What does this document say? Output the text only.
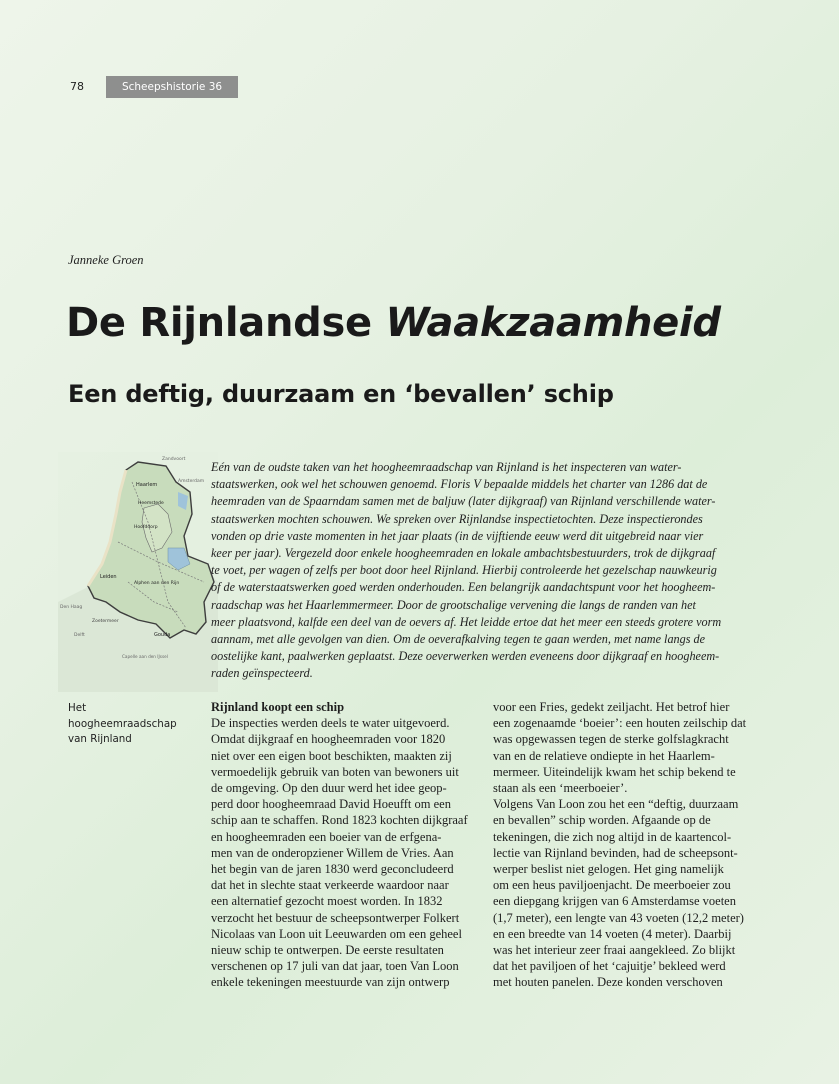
78	Scheepshistorie 36
Janneke Groen
De Rijnlandse Waakzaamheid
Een deftig, duurzaam en ‘bevallen’ schip
Haarlem
Zandvoort
Amsterdam
Heemstede
Hoofddorp
Leiden
Alphen aan den Rijn
Den Haag
Zoetermeer
Gouda
Delft
Capelle aan den IJssel
Eén van de oudste taken van het hoogheemraadschap van Rijnland is het inspecteren van water-
staatswerken, ook wel het schouwen genoemd. Floris V bepaalde middels het charter van 1286 dat de
heemraden van de Spaarndam samen met de baljuw (later dijkgraaf) van Rijnland verschillende water-
staatswerken mochten schouwen. We spreken over Rijnlandse inspectietochten. Deze inspectierondes
vonden op drie vaste momenten in het jaar plaats (in de vijftiende eeuw werd dit uitgebreid naar vier
keer per jaar). Vergezeld door enkele hoogheemraden en lokale ambachtsbestuurders, trok de dijkgraaf
te voet, per wagen of zelfs per boot door heel Rijnland. Hierbij controleerde het gezelschap nauwkeurig
of de waterstaatswerken goed werden onderhouden. Een belangrijk aandachtspunt voor het hoogheem-
raadschap was het Haarlemmermeer. Door de grootschalige vervening die langs de randen van het
meer plaatsvond, kalfde een deel van de oevers af. Het leidde ertoe dat het meer een steeds grotere vorm
aannam, met alle gevolgen van dien. Om de oeverafkalving tegen te gaan werden, met name langs de
oostelijke kant, paalwerken geplaatst. Deze oeverwerken werden eveneens door dijkgraaf en hoogheem-
raden geïnspecteerd.
Het hoogheemraadschap
van Rijnland
Rijnland koopt een schip
De inspecties werden deels te water uitgevoerd.
Omdat dijkgraaf en hoogheemraden voor 1820
niet over een eigen boot beschikten, maakten zij
vermoedelijk gebruik van boten van bewoners uit
de omgeving. Op den duur werd het idee geop-
perd door hoogheemraad David Hoeufft om een
schip aan te schaffen. Rond 1823 kochten dijkgraaf
en hoogheemraden een boeier van de erfgena-
men van de onderopziener Willem de Vries. Aan
het begin van de jaren 1830 werd geconcludeerd
dat het in slechte staat verkeerde waardoor naar
een alternatief gezocht moest worden. In 1832
verzocht het bestuur de scheepsontwerper Folkert
Nicolaas van Loon uit Leeuwarden om een geheel
nieuw schip te ontwerpen. De eerste resultaten
verschenen op 17 juli van dat jaar, toen Van Loon
enkele tekeningen meestuurde van zijn ontwerp
voor een Fries, gedekt zeiljacht. Het betrof hier
een zogenaamde ‘boeier’: een houten zeilschip dat
was opgewassen tegen de sterke golfslagkracht
van en de relatieve ondiepte in het Haarlem-
mermeer. Uiteindelijk kwam het schip bekend te
staan als een ‘meerboeier’.
Volgens Van Loon zou het een “deftig, duurzaam
en bevallen” schip worden. Afgaande op de
tekeningen, die zich nog altijd in de kaartencol-
lectie van Rijnland bevinden, had de scheepsont-
werper beslist niet gelogen. Het ging namelijk
om een heus paviljoenjacht. De meerboeier zou
een diepgang krijgen van 6 Amsterdamse voeten
(1,7 meter), een lengte van 43 voeten (12,2 meter)
en een breedte van 14 voeten (4 meter). Daarbij
was het interieur zeer fraai aangekleed. Zo blijkt
dat het paviljoen of het ‘cajuitje’ bekleed werd
met houten panelen. Deze konden verschoven
